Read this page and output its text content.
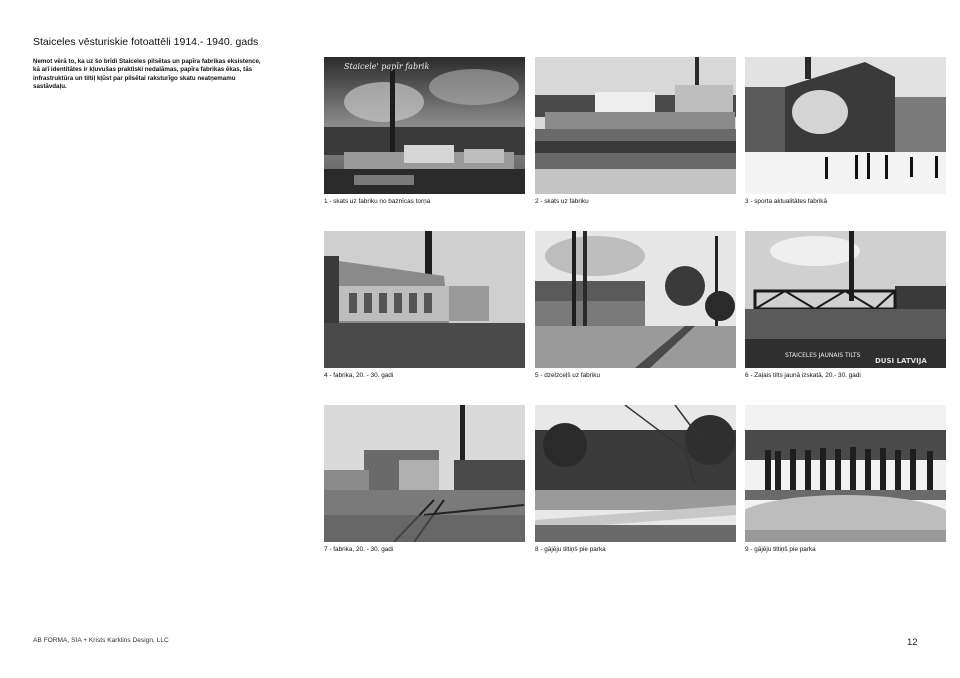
Staiceles vēsturiskie fotoattēli 1914.- 1940. gads
Ņemot vērā to, ka uz šo brīdi Staiceles pilsētas un papīra fabrikas eksistence, kā arī identitātes ir kļuvušas praktiski nedalāmas, papīra fabrikas ēkas, tās infrastruktūra un tiltiļ kļūst par pilsētai raksturīgo skatu neatņemamu sastāvdaļu.
Staicele' papīr fabrik
1 - skats uz fabriku no baznīcas torņa	2 - skats uz fabriku	3 - sporta aktualitātes fabrikā
4 - fabrika, 20. - 30. gadi	5 - dzelzceļš uz fabriku
STAICELES JAUNAIS TILTS
DUSI LATVIJA
6 - Zaļais tilts jaunā izskatā, 20.- 30. gadi
7 - fabrika, 20. - 30. gadi	8 - gājēju tiltiņš pie parka	9 - gājēju tiltiņš pie parka
AB FORMA, SIA + Krists Karklins Design, LLC	12
